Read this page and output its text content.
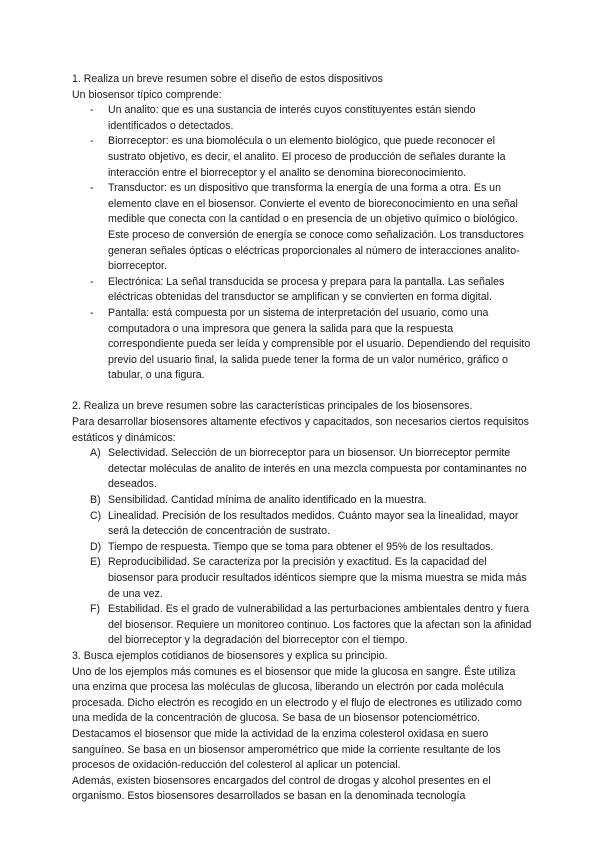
1. Realiza un breve resumen sobre el diseño de estos dispositivos

Un biosensor típico comprende:

- Un analito: que es una sustancia de interés cuyos constituyentes están siendo identificados o detectados.
- Biorreceptor: es una biomolécula o un elemento biológico, que puede reconocer el sustrato objetivo, es decir, el analito. El proceso de producción de señales durante la interacción entre el biorreceptor y el analito se denomina bioreconocimiento.
- Transductor: es un dispositivo que transforma la energía de una forma a otra. Es un elemento clave en el biosensor. Convierte el evento de bioreconocimiento en una señal medible que conecta con la cantidad o en presencia de un objetivo químico o biológico. Este proceso de conversión de energía se conoce como señalización. Los transductores generan señales ópticas o eléctricas proporcionales al número de interacciones analito-biorreceptor.
- Electrónica: La señal transducida se procesa y prepara para la pantalla. Las señales eléctricas obtenidas del transductor se amplifican y se convierten en forma digital.
- Pantalla: está compuesta por un sistema de interpretación del usuario, como una computadora o una impresora que genera la salida para que la respuesta correspondiente pueda ser leída y comprensible por el usuario. Dependiendo del requisito previo del usuario final, la salida puede tener la forma de un valor numérico, gráfico o tabular, o una figura.

2. Realiza un breve resumen sobre las características principales de los biosensores.

Para desarrollar biosensores altamente efectivos y capacitados, son necesarios ciertos requisitos estáticos y dinámicos:

A) Selectividad. Selección de un biorreceptor para un biosensor. Un biorreceptor permite detectar moléculas de analito de interés en una mezcla compuesta por contaminantes no deseados.
B) Sensibilidad. Cantidad mínima de analito identificado en la muestra.
C) Linealidad. Precisión de los resultados medidos. Cuánto mayor sea la linealidad, mayor será la detección de concentración de sustrato.
D) Tiempo de respuesta. Tiempo que se toma para obtener el 95% de los resultados.
E) Reproducibilidad. Se caracteriza por la precisión y exactitud. Es la capacidad del biosensor para producir resultados idénticos siempre que la misma muestra se mida más de una vez.
F) Estabilidad. Es el grado de vulnerabilidad a las perturbaciones ambientales dentro y fuera del biosensor. Requiere un monitoreo continuo. Los factores que la afectan son la afinidad del biorreceptor y la degradación del biorreceptor con el tiempo.

3. Busca ejemplos cotidianos de biosensores y explica su principio.

Uno de los ejemplos más comunes es el biosensor que mide la glucosa en sangre. Éste utiliza una enzima que procesa las moléculas de glucosa, liberando un electrón por cada molécula procesada. Dicho electrón es recogido en un electrodo y el flujo de electrones es utilizado como una medida de la concentración de glucosa. Se basa de un biosensor potenciométrico.

Destacamos el biosensor que mide la actividad de la enzima colesterol oxidasa en suero sanguíneo. Se basa en un biosensor amperométrico que mide la corriente resultante de los procesos de oxidación-reducción del colesterol al aplicar un potencial.

Además, existen biosensores encargados del control de drogas y alcohol presentes en el organismo. Estos biosensores desarrollados se basan en la denominada tecnología
